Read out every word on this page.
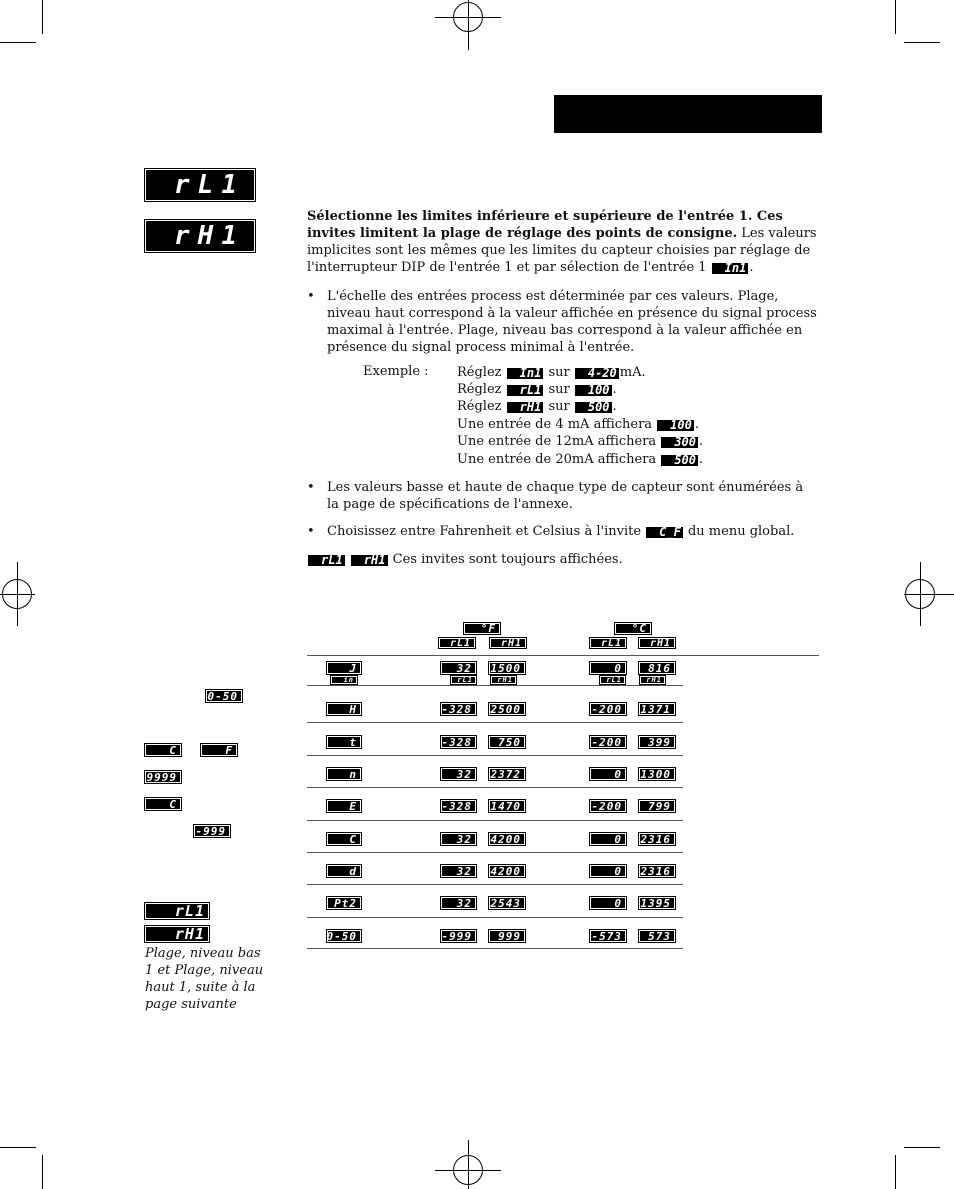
rL1
rH1
Sélectionne les limites inférieure et supérieure de l'entrée 1. Ces invites limitent la plage de réglage des points de consigne. Les valeurs implicites sont les mêmes que les limites du capteur choisies par réglage de l'interrupteur DIP de l'entrée 1 et par sélection de l'entrée 1 In1 .
• L'échelle des entrées process est déterminée par ces valeurs. Plage, niveau haut correspond à la valeur affichée en présence du signal process maximal à l'entrée. Plage, niveau bas correspond à la valeur affichée en présence du signal process minimal à l'entrée.
Exemple : Réglez In1 sur 4-20 mA.
Réglez rL1 sur 100 .
Réglez rH1 sur 500 .
Une entrée de 4 mA affichera 100 .
Une entrée de 12mA affichera 300 .
Une entrée de 20mA affichera 500 .
• Les valeurs basse et haute de chaque type de capteur sont énumérées à la page de spécifications de l'annexe.
• Choisissez entre Fahrenheit et Celsius à l'invite C_F du menu global.
rL1 rH1 Ces invites sont toujours affichées.
0-50
C	F
9999
C
-999
rL1
rH1
Plage, niveau bas 1 et Plage, niveau haut 1, suite à la page suivante
°F	°C
rL1	rH1	rL1	rH1
J	32	1500	0	816
in	rL1	rH1	rL1	rH1
H	-328	2500	-200	1371
t	-328	750	-200	399
n	32	2372	0	1300
E	-328	1470	-200	799
C	32	4200	0	2316
d	32	4200	0	2316
Pt2	32	2543	0	1395
0-50	-999	999	-573	573
